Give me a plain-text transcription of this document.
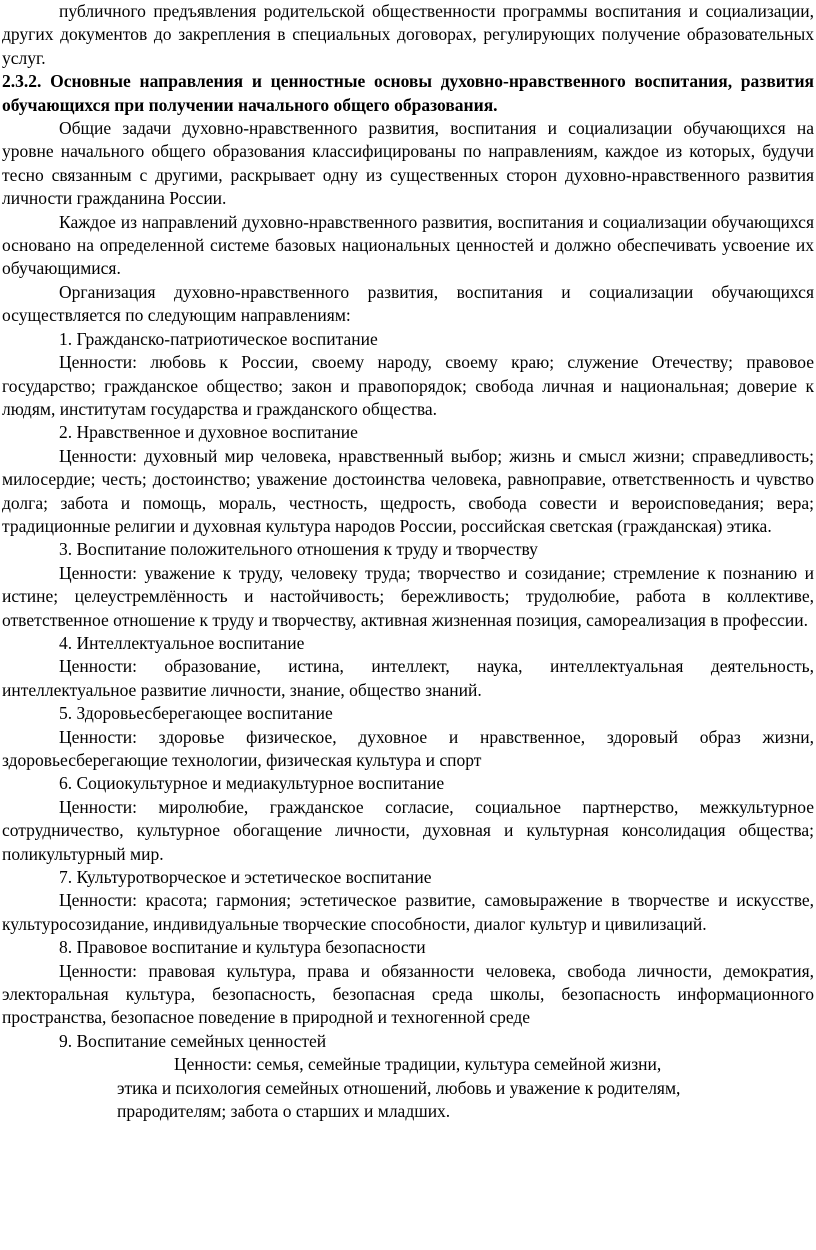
публичного предъявления родительской общественности программы воспитания и социализации, других документов до закрепления в специальных договорах, регулирующих получение образовательных услуг.

2.3.2. Основные направления и ценностные основы духовно-нравственного воспитания, развития обучающихся при получении начального общего образования.

Общие задачи духовно-нравственного развития, воспитания и социализации обучающихся на уровне начального общего образования классифицированы по направлениям, каждое из которых, будучи тесно связанным с другими, раскрывает одну из существенных сторон духовно-нравственного развития личности гражданина России.

Каждое из направлений духовно-нравственного развития, воспитания и социализации обучающихся основано на определенной системе базовых национальных ценностей и должно обеспечивать усвоение их обучающимися.

Организация духовно-нравственного развития, воспитания и социализации обучающихся осуществляется по следующим направлениям:

1. Гражданско-патриотическое воспитание

Ценности: любовь к России, своему народу, своему краю; служение Отечеству; правовое государство; гражданское общество; закон и правопорядок; свобода личная и национальная; доверие к людям, институтам государства и гражданского общества.

2. Нравственное и духовное воспитание

Ценности: духовный мир человека, нравственный выбор; жизнь и смысл жизни; справедливость; милосердие; честь; достоинство; уважение достоинства человека, равноправие, ответственность и чувство долга; забота и помощь, мораль, честность, щедрость, свобода совести и вероисповедания; вера; традиционные религии и духовная культура народов России, российская светская (гражданская) этика.

3. Воспитание положительного отношения к труду и творчеству

Ценности: уважение к труду, человеку труда; творчество и созидание; стремление к познанию и истине; целеустремлённость и настойчивость; бережливость; трудолюбие, работа в коллективе, ответственное отношение к труду и творчеству, активная жизненная позиция, самореализация в профессии.

4. Интеллектуальное воспитание

Ценности: образование, истина, интеллект, наука, интеллектуальная деятельность, интеллектуальное развитие личности, знание, общество знаний.

5. Здоровьесберегающее воспитание

Ценности: здоровье физическое, духовное и нравственное, здоровый образ жизни, здоровьесберегающие технологии, физическая культура и спорт

6. Социокультурное и медиакультурное воспитание

Ценности: миролюбие, гражданское согласие, социальное партнерство, межкультурное сотрудничество, культурное обогащение личности, духовная и культурная консолидация общества; поликультурный мир.

7. Культуротворческое и эстетическое воспитание

Ценности: красота; гармония; эстетическое развитие, самовыражение в творчестве и искусстве, культуросозидание, индивидуальные творческие способности, диалог культур и цивилизаций.

8. Правовое воспитание и культура безопасности

Ценности: правовая культура, права и обязанности человека, свобода личности, демократия, электоральная культура, безопасность, безопасная среда школы, безопасность информационного пространства, безопасное поведение в природной и техногенной среде

9. Воспитание семейных ценностей

Ценности: семья, семейные традиции, культура семейной жизни, этика и психология семейных отношений, любовь и уважение к родителям, прародителям; забота о старших и младших.
